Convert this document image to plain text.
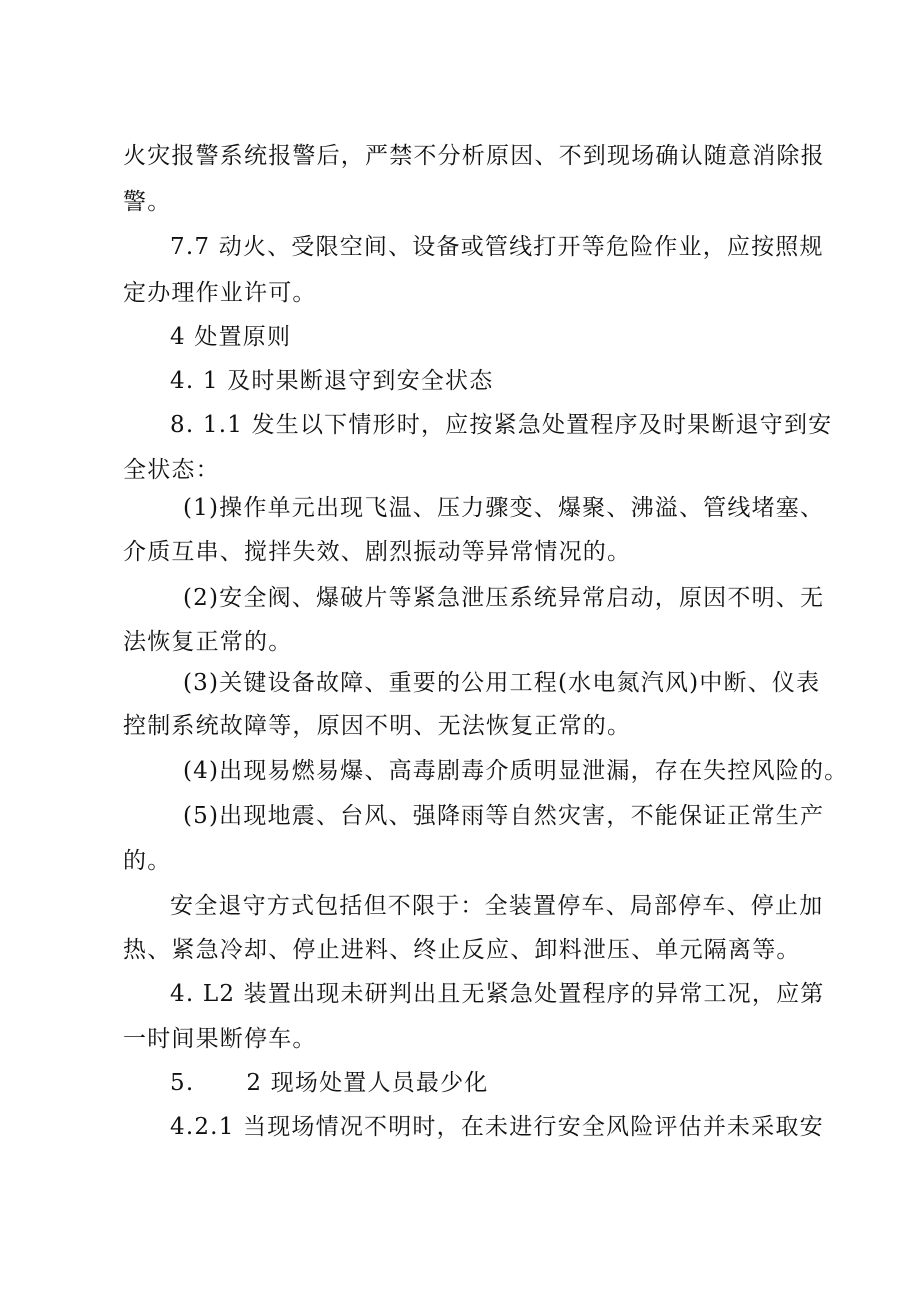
火灾报警系统报警后，严禁不分析原因、不到现场确认随意消除报
警。
7.7 动火、受限空间、设备或管线打开等危险作业，应按照规
定办理作业许可。
4 处置原则
4. 1 及时果断退守到安全状态
8. 1.1 发生以下情形时，应按紧急处置程序及时果断退守到安
全状态：
(1)操作单元出现飞温、压力骤变、爆聚、沸溢、管线堵塞、
介质互串、搅拌失效、剧烈振动等异常情况的。
(2)安全阀、爆破片等紧急泄压系统异常启动，原因不明、无
法恢复正常的。
(3)关键设备故障、重要的公用工程(水电氮汽风)中断、仪表
控制系统故障等，原因不明、无法恢复正常的。
(4)出现易燃易爆、高毒剧毒介质明显泄漏，存在失控风险的。
(5)出现地震、台风、强降雨等自然灾害，不能保证正常生产
的。
安全退守方式包括但不限于：全装置停车、局部停车、停止加
热、紧急冷却、停止进料、终止反应、卸料泄压、单元隔离等。
4. L2 装置出现未研判出且无紧急处置程序的异常工况，应第
一时间果断停车。
5. 2 现场处置人员最少化
4.2.1 当现场情况不明时，在未进行安全风险评估并未采取安
